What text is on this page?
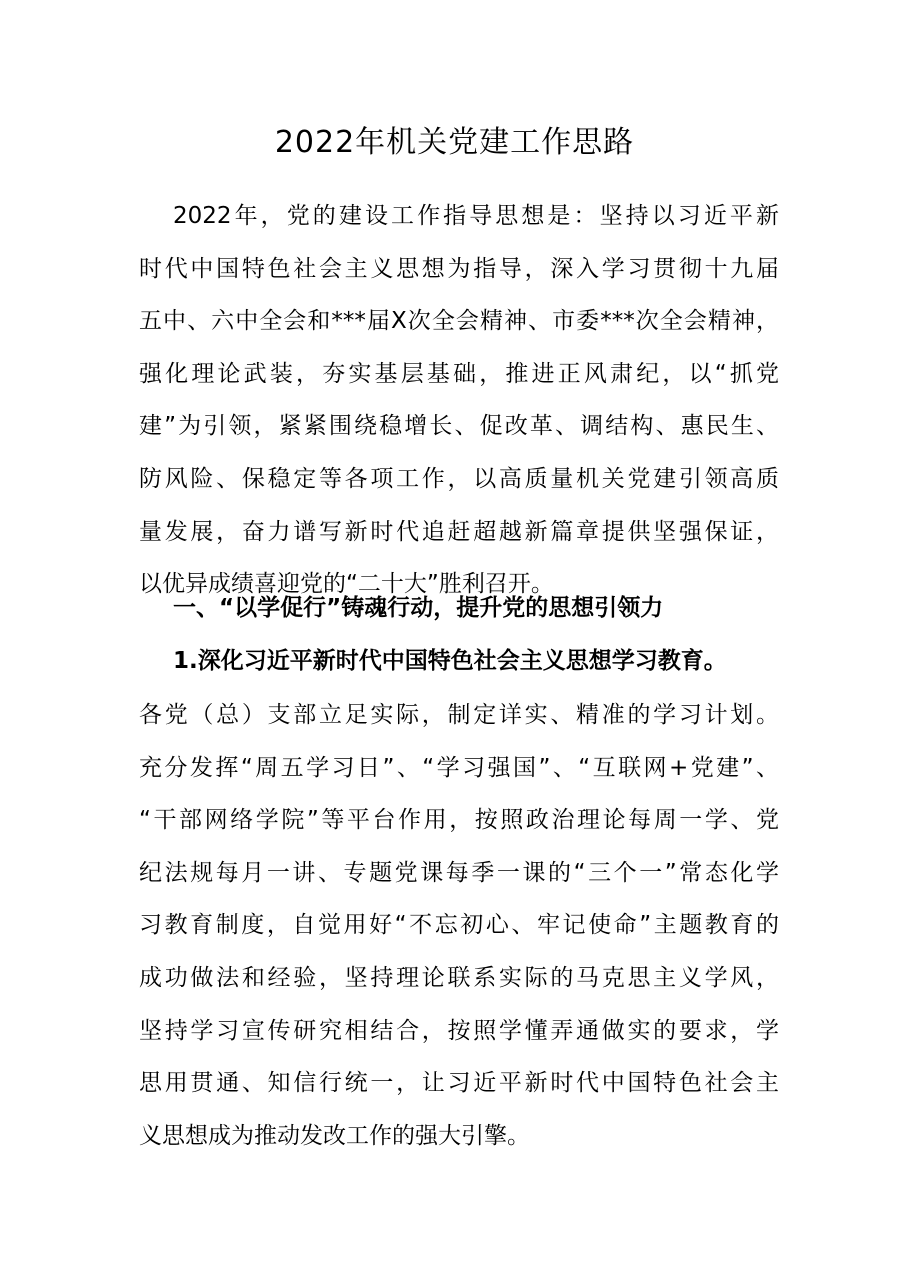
2022年机关党建工作思路
2022年，党的建设工作指导思想是：坚持以习近平新
时代中国特色社会主义思想为指导，深入学习贯彻十九届
五中、六中全会和***届X次全会精神、市委***次全会精神，
强化理论武装，夯实基层基础，推进正风肃纪，以“抓党
建”为引领，紧紧围绕稳增长、促改革、调结构、惠民生、
防风险、保稳定等各项工作，以高质量机关党建引领高质
量发展，奋力谱写新时代追赶超越新篇章提供坚强保证，
以优异成绩喜迎党的“二十大”胜利召开。
一、“以学促行”铸魂行动，提升党的思想引领力
1.深化习近平新时代中国特色社会主义思想学习教育。
各党（总）支部立足实际，制定详实、精准的学习计划。
充分发挥“周五学习日”、“学习强国”、“互联网+党建”、
“干部网络学院”等平台作用，按照政治理论每周一学、党
纪法规每月一讲、专题党课每季一课的“三个一”常态化学
习教育制度，自觉用好“不忘初心、牢记使命”主题教育的
成功做法和经验，坚持理论联系实际的马克思主义学风，
坚持学习宣传研究相结合，按照学懂弄通做实的要求，学
思用贯通、知信行统一，让习近平新时代中国特色社会主
义思想成为推动发改工作的强大引擎。
